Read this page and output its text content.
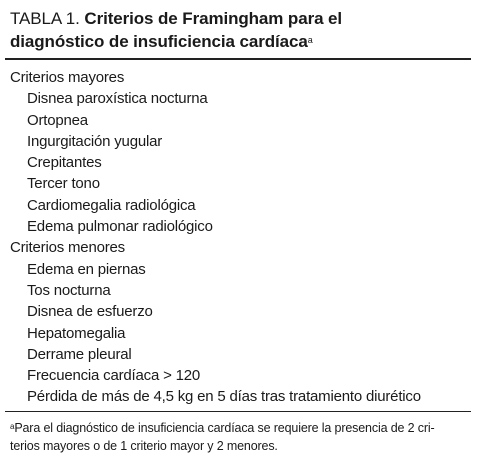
TABLA 1. Criterios de Framingham para el
diagnóstico de insuficiencia cardíaca$^a$
Criterios mayores
Disnea paroxística nocturna
Ortopnea
Ingurgitación yugular
Crepitantes
Tercer tono
Cardiomegalia radiológica
Edema pulmonar radiológico
Criterios menores
Edema en piernas
Tos nocturna
Disnea de esfuerzo
Hepatomegalia
Derrame pleural
Frecuencia cardíaca > 120
Pérdida de más de 4,5 kg en 5 días tras tratamiento diurético
$^a$Para el diagnóstico de insuficiencia cardíaca se requiere la presencia de 2 cri-
terios mayores o de 1 criterio mayor y 2 menores.
